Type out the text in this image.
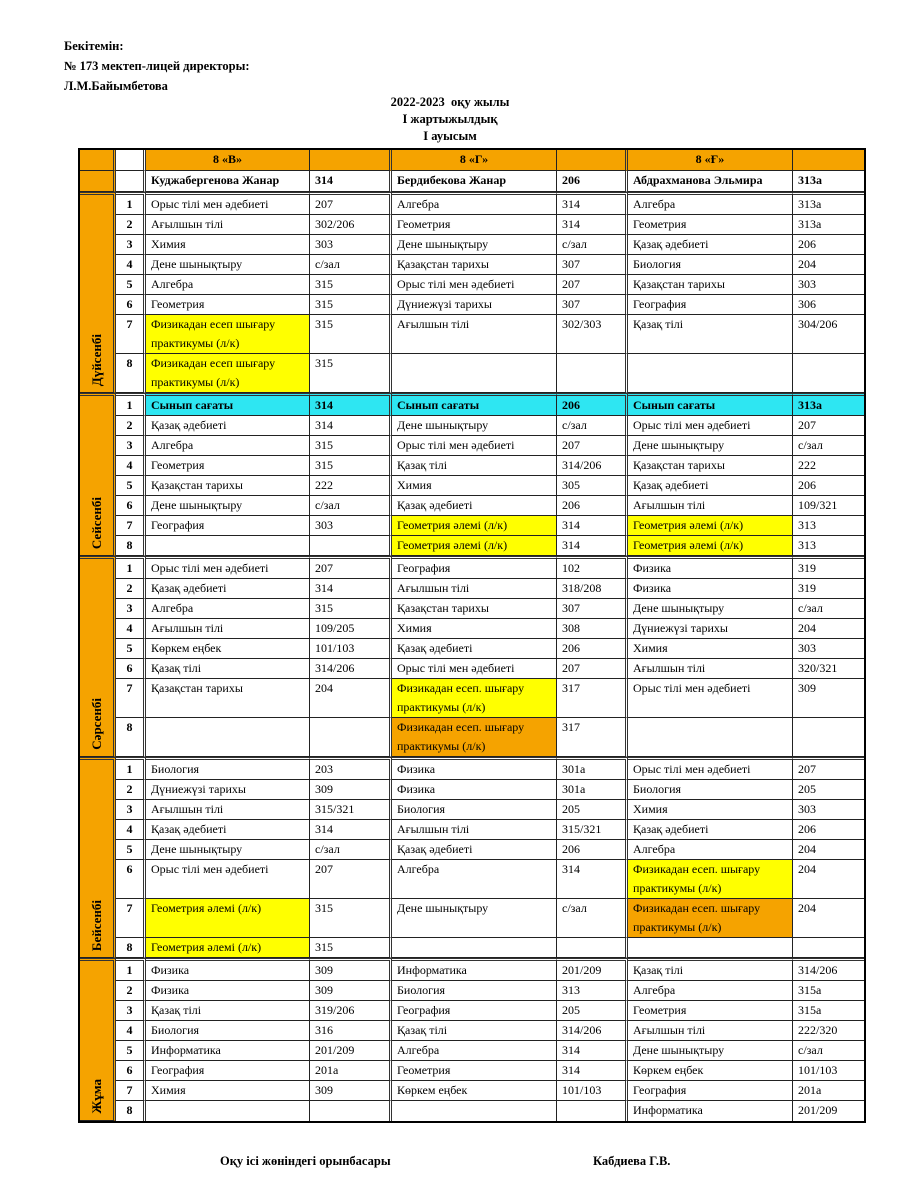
Бекітемін:
№ 173 мектеп-лицей директоры:
Л.М.Байымбетова
2022-2023  оқу жылы
I жартыжылдық
I ауысым
		8 «В»		8 «Г»		8 «Ғ»	
		Куджабергенова Жанар	314	Бердибекова Жанар	206	Абдрахманова Эльмира	313а

Дүйсенбі	1	Орыс тілі мен әдебиеті	207	Алгебра	314	Алгебра	313а
	2	Ағылшын тілі	302/206	Геометрия	314	Геометрия	313а
	3	Химия	303	Дене шынықтыру	с/зал	Қазақ әдебиеті	206
	4	Дене шынықтыру	с/зал	Қазақстан тарихы	307	Биология	204
	5	Алгебра	315	Орыс тілі мен әдебиеті	207	Қазақстан тарихы	303
	6	Геометрия	315	Дүниежүзі тарихы	307	География	306
	7	Физикадан есеп шығару практикумы (л/к)	315	Ағылшын тілі	302/303	Қазақ тілі	304/206
	8	Физикадан есеп шығару практикумы (л/к)	315				

Сейсенбі	1	Сынып сағаты	314	Сынып сағаты	206	Сынып сағаты	313а
	2	Қазақ әдебиеті	314	Дене шынықтыру	с/зал	Орыс тілі мен әдебиеті	207
	3	Алгебра	315	Орыс тілі мен әдебиеті	207	Дене шынықтыру	с/зал
	4	Геометрия	315	Қазақ тілі	314/206	Қазақстан тарихы	222
	5	Қазақстан тарихы	222	Химия	305	Қазақ әдебиеті	206
	6	Дене шынықтыру	с/зал	Қазақ әдебиеті	206	Ағылшын тілі	109/321
	7	География	303	Геометрия әлемі (л/к)	314	Геометрия әлемі (л/к)	313
	8			Геометрия әлемі (л/к)	314	Геометрия әлемі (л/к)	313

Сәрсенбі	1	Орыс тілі мен әдебиеті	207	География	102	Физика	319
	2	Қазақ әдебиеті	314	Ағылшын тілі	318/208	Физика	319
	3	Алгебра	315	Қазақстан тарихы	307	Дене шынықтыру	с/зал
	4	Ағылшын тілі	109/205	Химия	308	Дүниежүзі тарихы	204
	5	Көркем еңбек	101/103	Қазақ әдебиеті	206	Химия	303
	6	Қазақ тілі	314/206	Орыс тілі мен әдебиеті	207	Ағылшын тілі	320/321
	7	Қазақстан тарихы	204	Физикадан есеп. шығару практикумы (л/к)	317	Орыс тілі мен әдебиеті	309
	8			Физикадан есеп. шығару практикумы (л/к)	317		

Бейсенбі	1	Биология	203	Физика	301а	Орыс тілі мен әдебиеті	207
	2	Дүниежүзі тарихы	309	Физика	301а	Биология	205
	3	Ағылшын тілі	315/321	Биология	205	Химия	303
	4	Қазақ әдебиеті	314	Ағылшын тілі	315/321	Қазақ әдебиеті	206
	5	Дене шынықтыру	с/зал	Қазақ әдебиеті	206	Алгебра	204
	6	Орыс тілі мен әдебиеті	207	Алгебра	314	Физикадан есеп. шығару практикумы (л/к)	204
	7	Геометрия әлемі (л/к)	315	Дене шынықтыру	с/зал	Физикадан есеп. шығару практикумы (л/к)	204
	8	Геометрия әлемі (л/к)	315				

Жұма	1	Физика	309	Информатика	201/209	Қазақ тілі	314/206
	2	Физика	309	Биология	313	Алгебра	315а
	3	Қазақ тілі	319/206	География	205	Геометрия	315а
	4	Биология	316	Қазақ тілі	314/206	Ағылшын тілі	222/320
	5	Информатика	201/209	Алгебра	314	Дене шынықтыру	с/зал
	6	География	201а	Геометрия	314	Көркем еңбек	101/103
	7	Химия	309	Көркем еңбек	101/103	География	201а
	8					Информатика	201/209
Оқу ісі жөніндегі орынбасары	Кабдиева Г.В.
